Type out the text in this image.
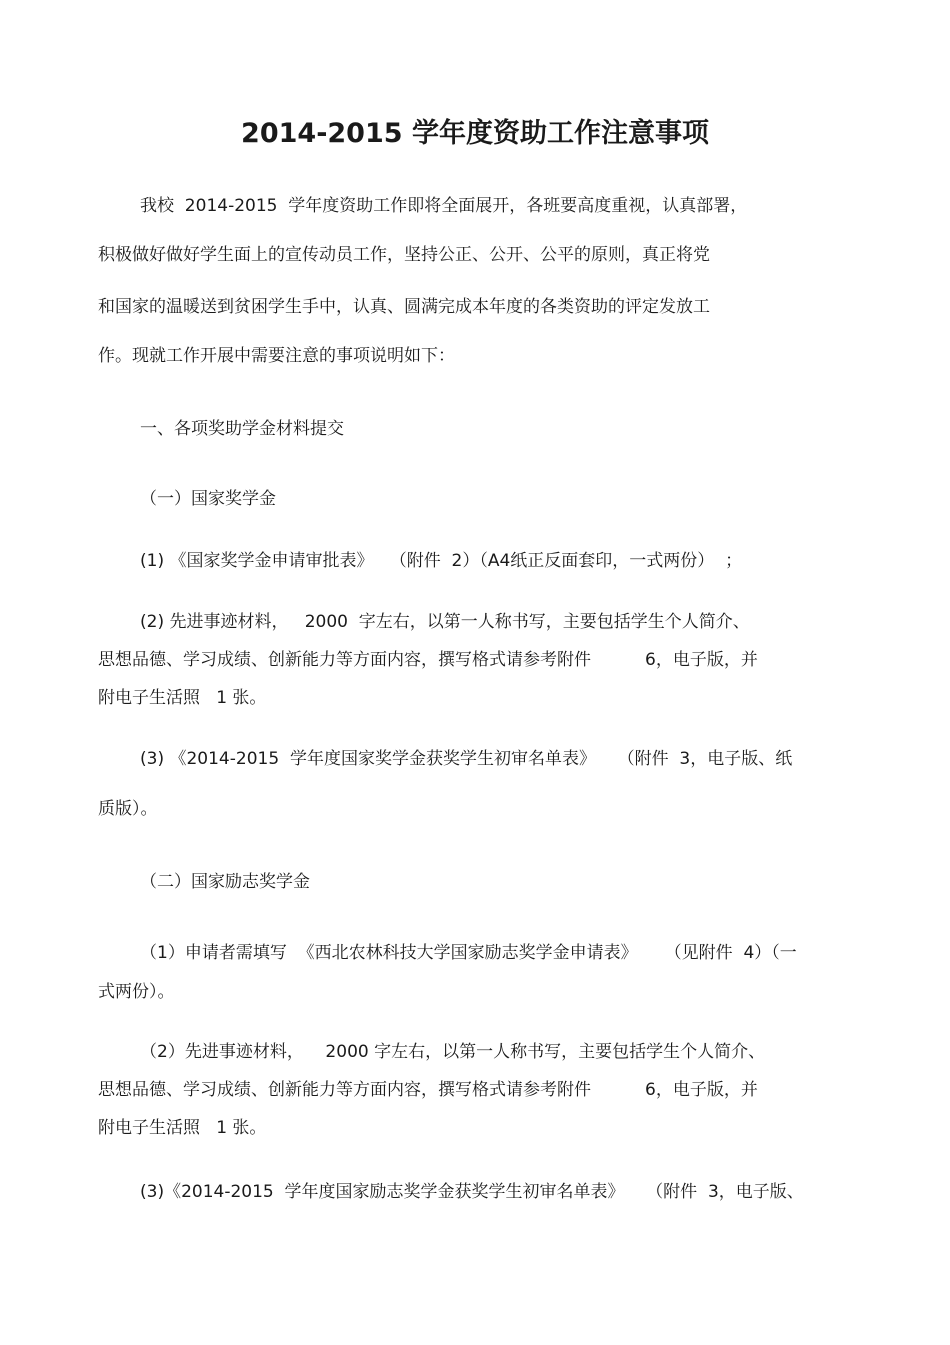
2014-2015 学年度资助工作注意事项

我校  2014-2015  学年度资助工作即将全面展开，各班要高度重视，认真部署，

积极做好做好学生面上的宣传动员工作，坚持公正、公开、公平的原则，真正将党

和国家的温暖送到贫困学生手中，认真、圆满完成本年度的各类资助的评定发放工

作。现就工作开展中需要注意的事项说明如下：

一、各项奖助学金材料提交

（一）国家奖学金

(1) 《国家奖学金申请审批表》   （附件  2）（A4纸正反面套印，一式两份）  ；

(2) 先进事迹材料，   2000  字左右，以第一人称书写，主要包括学生个人简介、

思想品德、学习成绩、创新能力等方面内容，撰写格式请参考附件          6，电子版，并

附电子生活照   1 张。

(3) 《2014-2015  学年度国家奖学金获奖学生初审名单表》    （附件  3，电子版、纸

质版）。

（二）国家励志奖学金

（1）申请者需填写  《西北农林科技大学国家励志奖学金申请表》     （见附件  4）（一

式两份）。

（2）先进事迹材料，    2000 字左右，以第一人称书写，主要包括学生个人简介、

思想品德、学习成绩、创新能力等方面内容，撰写格式请参考附件          6，电子版，并

附电子生活照   1 张。

(3)《2014-2015  学年度国家励志奖学金获奖学生初审名单表》    （附件  3，电子版、
